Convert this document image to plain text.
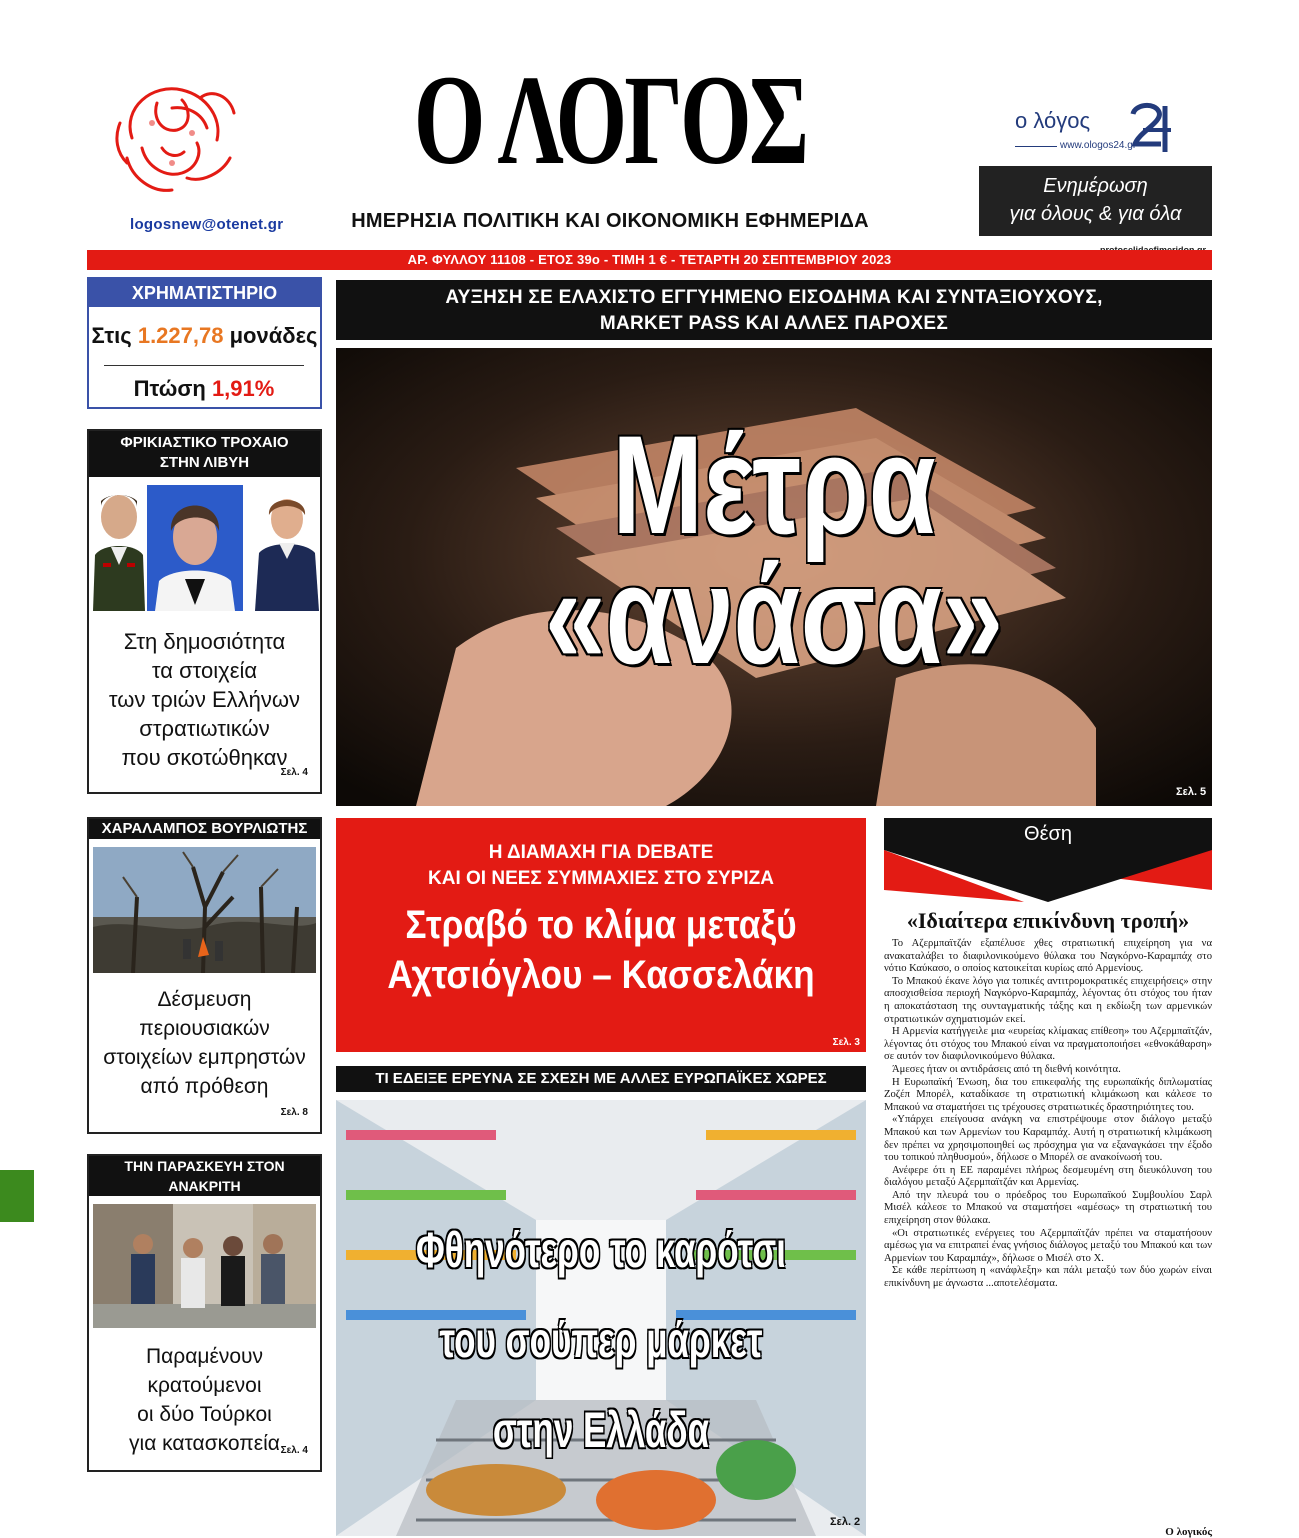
logosnew@otenet.gr
Ο ΛΟΓΟΣ
ΗΜΕΡΗΣΙΑ ΠΟΛΙΤΙΚΗ ΚΑΙ ΟΙΚΟΝΟΜΙΚΗ ΕΦΗΜΕΡΙΔΑ
ο λόγος
www.ologos24.gr
Ενημέρωση
για όλους & για όλα
ΑΡ. ΦΥΛΛΟΥ 11108 - ΕΤΟΣ 39ο - ΤΙΜΗ 1 € - ΤΕΤΑΡΤΗ 20 ΣΕΠΤΕΜΒΡΙΟΥ 2023
ΧΡΗΜΑΤΙΣΤΗΡΙΟ
Στις 1.227,78 μονάδες
Πτώση 1,91%
ΦΡΙΚΙΑΣΤΙΚΟ ΤΡΟΧΑΙΟ
ΣΤΗΝ ΛΙΒΥΗ
Στη δημοσιότητα
τα στοιχεία
των τριών Ελλήνων
στρατιωτικών
που σκοτώθηκαν
Σελ. 4
ΧΑΡΑΛΑΜΠΟΣ ΒΟΥΡΛΙΩΤΗΣ
Δέσμευση
περιουσιακών
στοιχείων εμπρηστών
από πρόθεση
Σελ. 8
ΤΗΝ ΠΑΡΑΣΚΕΥΗ ΣΤΟΝ ΑΝΑΚΡΙΤΗ
Παραμένουν
κρατούμενοι
οι δύο Τούρκοι
για κατασκοπεία Σελ. 4
ΑΥΞΗΣΗ ΣΕ ΕΛΑΧΙΣΤΟ ΕΓΓΥΗΜΕΝΟ ΕΙΣΟΔΗΜΑ ΚΑΙ ΣΥΝΤΑΞΙΟΥΧΟΥΣ,
MARKET PASS ΚΑΙ ΑΛΛΕΣ ΠΑΡΟΧΕΣ
Μέτρα
«ανάσα»
Σελ. 5
Η ΔΙΑΜΑΧΗ ΓΙΑ DEBATE
ΚΑΙ ΟΙ ΝΕΕΣ ΣΥΜΜΑΧΙΕΣ ΣΤΟ ΣΥΡΙΖΑ
Στραβό το κλίμα μεταξύ
Αχτσιόγλου – Κασσελάκη
Σελ. 3
ΤΙ ΕΔΕΙΞΕ ΕΡΕΥΝΑ ΣΕ ΣΧΕΣΗ ΜΕ ΑΛΛΕΣ ΕΥΡΩΠΑΪΚΕΣ ΧΩΡΕΣ
Φθηνότερο το καρότσι
του σούπερ μάρκετ στην Ελλάδα
Σελ. 2
Θέση
«Ιδιαίτερα επικίνδυνη τροπή»

Το Αζερμπαϊτζάν εξαπέλυσε χθες στρατιωτική επιχείρηση για να ανακαταλάβει το διαφιλονικούμενο θύλακα του Ναγκόρνο-Καραμπάχ στο νότιο Καύκασο, ο οποίος κατοικείται κυρίως από Αρμενίους.

Το Μπακού έκανε λόγο για τοπικές αντιτρομοκρατικές επιχειρήσεις» στην αποσχισθείσα περιοχή Ναγκόρνο-Καραμπάχ, λέγοντας ότι στόχος του ήταν η αποκατάσταση της συνταγματικής τάξης και η εκδίωξη των αρμενικών στρατιωτικών σχηματισμών εκεί.

Η Αρμενία κατήγγειλε μια «ευρείας κλίμακας επίθεση» του Αζερμπαϊτζάν, λέγοντας ότι στόχος του Μπακού είναι να πραγματοποιήσει «εθνοκάθαρση» σε αυτόν τον διαφιλονικούμενο θύλακα.

Άμεσες ήταν οι αντιδράσεις από τη διεθνή κοινότητα.

Η Ευρωπαϊκή Ένωση, δια του επικεφαλής της ευρωπαϊκής διπλωματίας Ζοζέπ Μπορέλ, καταδίκασε τη στρατιωτική κλιμάκωση και κάλεσε το Μπακού να σταματήσει τις τρέχουσες στρατιωτικές δραστηριότητες του.

«Υπάρχει επείγουσα ανάγκη να επιστρέψουμε στον διάλογο μεταξύ Μπακού και των Αρμενίων του Καραμπάχ. Αυτή η στρατιωτική κλιμάκωση δεν πρέπει να χρησιμοποιηθεί ως πρόσχημα για να εξαναγκάσει την έξοδο του τοπικού πληθυσμού», δήλωσε ο Μπορέλ σε ανακοίνωσή του.

Ανέφερε ότι η ΕΕ παραμένει πλήρως δεσμευμένη στη διευκόλυνση του διαλόγου μεταξύ Αζερμπαϊτζάν και Αρμενίας.

Από την πλευρά του ο πρόεδρος του Ευρωπαϊκού Συμβουλίου Σαρλ Μισέλ κάλεσε το Μπακού να σταματήσει «αμέσως» τη στρατιωτική του επιχείρηση στον θύλακα.

«Οι στρατιωτικές ενέργειες του Αζερμπαϊτζάν πρέπει να σταματήσουν αμέσως για να επιτραπεί ένας γνήσιος διάλογος μεταξύ του Μπακού και των Αρμενίων του Καραμπάχ», δήλωσε ο Μισέλ στο Χ.

Σε κάθε περίπτωση η «ανάφλεξη» και πάλι μεταξύ των δύο χωρών είναι επικίνδυνη με άγνωστα ...αποτελέσματα.

Ο λογικός
